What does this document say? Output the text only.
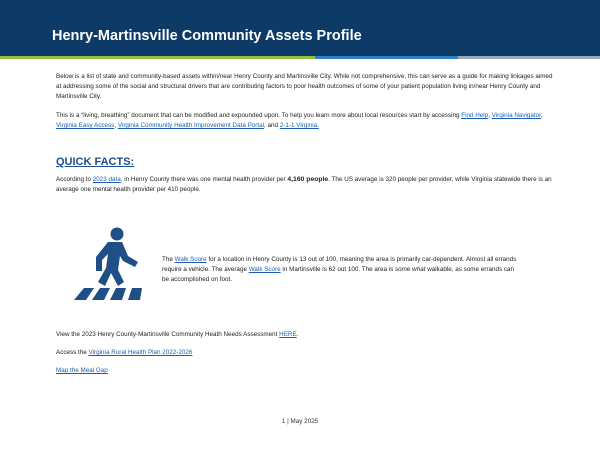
Henry-Martinsville Community Assets Profile

Below is a list of state and community-based assets within/near Henry County and Martinsville City. While not comprehensive, this can serve as a guide for making linkages aimed at addressing some of the social and structural drivers that are contributing factors to poor health outcomes of some of your patient population living in/near Henry County and Martinsville City.

This is a “living, breathing” document that can be modified and expounded upon. To help you learn more about local resources start by accessing Find Help, Virginia Navigator, Virginia Easy Access, Virginia Community Health Improvement Data Portal, and 2-1-1 Virginia.

QUICK FACTS:

According to 2023 data, in Henry County there was one mental health provider per 4,160 people. The US average is 320 people per provider, while Virginia statewide there is an average one mental health provider per 410 people.

The Walk Score for a location in Henry County is 13 out of 100, meaning the area is primarily car-dependent. Almost all errands require a vehicle. The average Walk Score in Martinsville is 62 out 100. The area is some what walkable, as some errands can be accomplished on foot.

View the 2023 Henry County-Martinsville Community Heath Needs Assessment HERE.

Access the Virginia Rural Health Plan 2022-2026

Map the Meal Gap

1 | May 2025
